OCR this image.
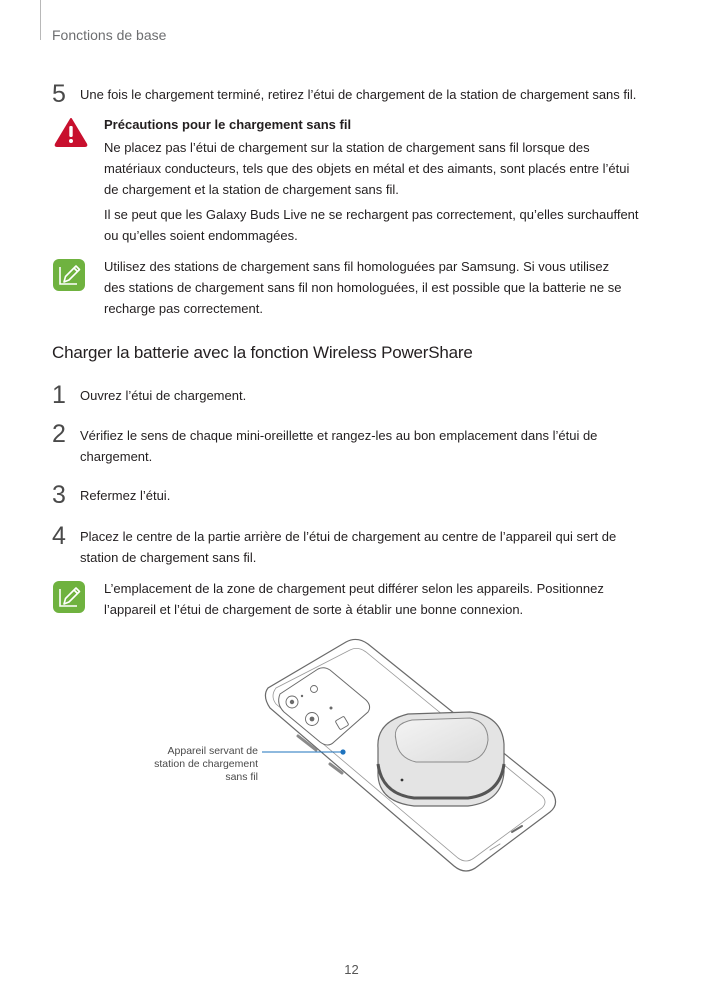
Fonctions de base
5 Une fois le chargement terminé, retirez l’étui de chargement de la station de chargement sans fil.
Précautions pour le chargement sans fil
Ne placez pas l’étui de chargement sur la station de chargement sans fil lorsque des
matériaux conducteurs, tels que des objets en métal et des aimants, sont placés entre l’étui
de chargement et la station de chargement sans fil.
Il se peut que les Galaxy Buds Live ne se rechargent pas correctement, qu’elles surchauffent
ou qu’elles soient endommagées.
Utilisez des stations de chargement sans fil homologuées par Samsung. Si vous utilisez
des stations de chargement sans fil non homologuées, il est possible que la batterie ne se
recharge pas correctement.
Charger la batterie avec la fonction Wireless PowerShare
1 Ouvrez l’étui de chargement.
2 Vérifiez le sens de chaque mini-oreillette et rangez-les au bon emplacement dans l’étui de
chargement.
3 Refermez l’étui.
4 Placez le centre de la partie arrière de l’étui de chargement au centre de l’appareil qui sert de
station de chargement sans fil.
L’emplacement de la zone de chargement peut différer selon les appareils. Positionnez
l’appareil et l’étui de chargement de sorte à établir une bonne connexion.
Appareil servant de
station de chargement
sans fil
12
